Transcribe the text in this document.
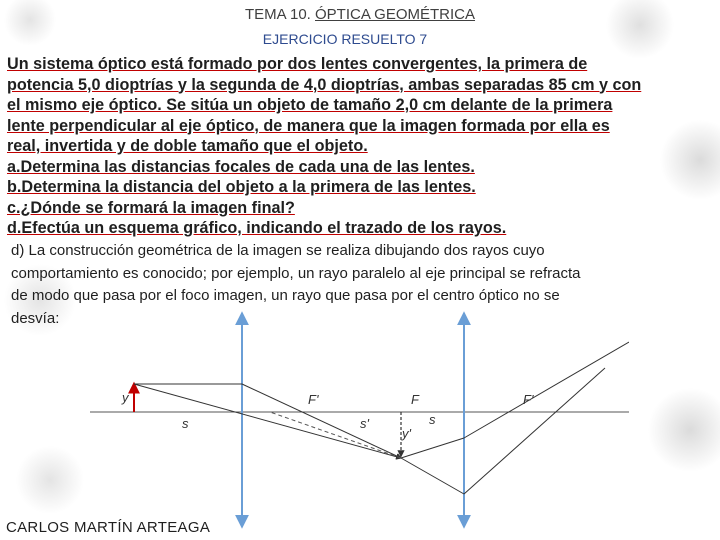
TEMA 10. ÓPTICA GEOMÉTRICA
EJERCICIO RESUELTO 7
Un sistema óptico está formado por dos lentes convergentes, la primera de
potencia 5,0 dioptrías y la segunda de 4,0 dioptrías, ambas separadas 85 cm y con
el mismo eje óptico. Se sitúa un objeto de tamaño 2,0 cm delante de la primera
lente perpendicular al eje óptico, de manera que la imagen formada por ella es
real, invertida y de doble tamaño que el objeto.
a.Determina las distancias focales de cada una de las lentes.
b.Determina la distancia del objeto a la primera de las lentes.
c.¿Dónde se formará la imagen final?
d.Efectúa un esquema gráfico, indicando el trazado de los rayos.
d) La construcción geométrica de la imagen se realiza dibujando dos rayos cuyo
comportamiento es conocido; por ejemplo, un rayo paralelo al eje principal se refracta
de modo que pasa por el foco imagen, un rayo que pasa por el centro óptico no se
desvía:
y
s
F'	F	F'
s'
y'
s
CARLOS MARTÍN ARTEAGA
